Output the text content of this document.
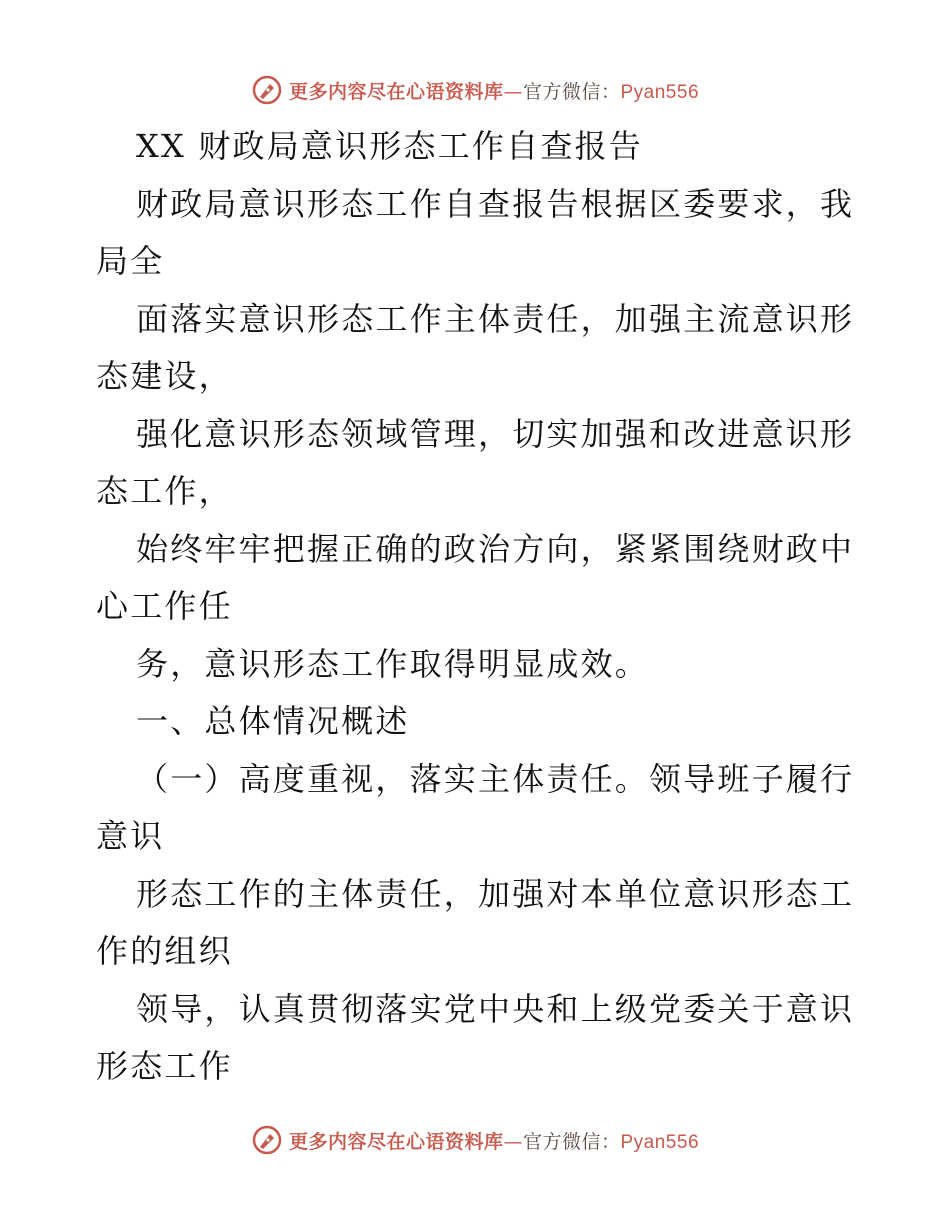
更多内容尽在心语资料库—官方微信：Pyan556
XX 财政局意识形态工作自查报告
财政局意识形态工作自查报告根据区委要求，我
局全
面落实意识形态工作主体责任，加强主流意识形
态建设，
强化意识形态领域管理，切实加强和改进意识形
态工作，
始终牢牢把握正确的政治方向，紧紧围绕财政中
心工作任
务，意识形态工作取得明显成效。
一、总体情况概述
（一）高度重视，落实主体责任。领导班子履行
意识
形态工作的主体责任，加强对本单位意识形态工
作的组织
领导，认真贯彻落实党中央和上级党委关于意识
形态工作
更多内容尽在心语资料库—官方微信：Pyan556
